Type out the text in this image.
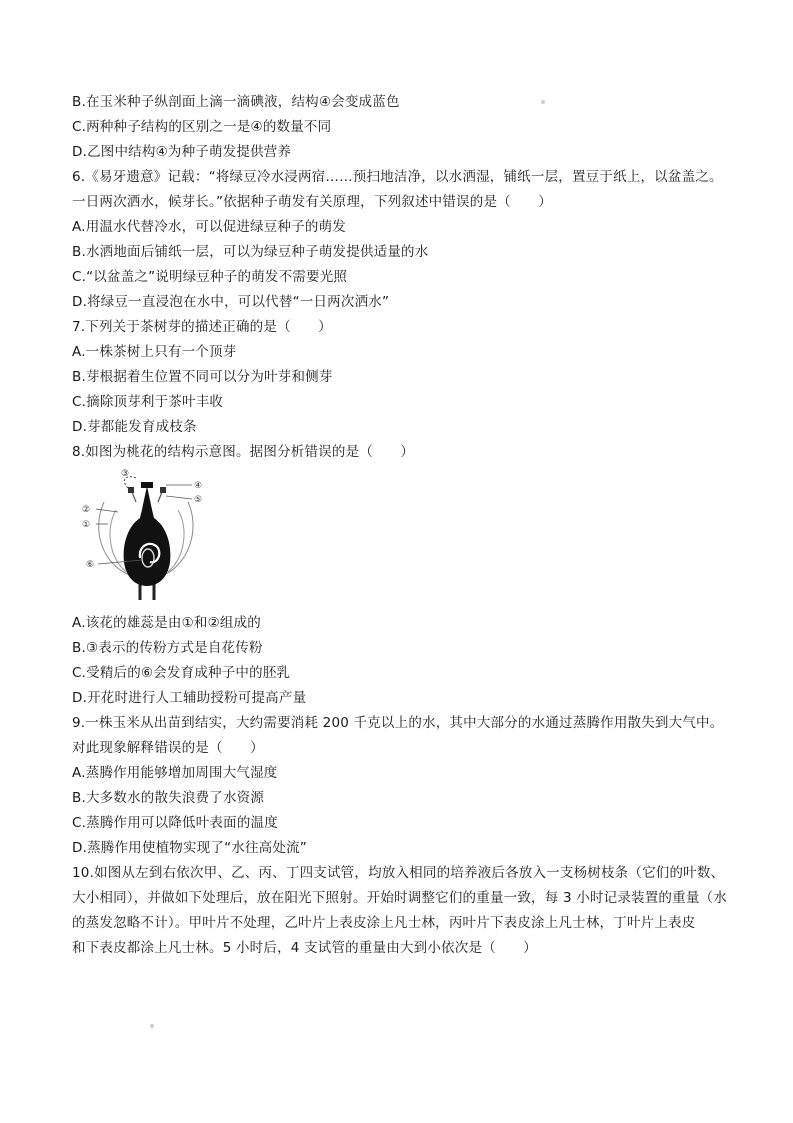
B.在玉米种子纵剖面上滴一滴碘液，结构④会变成蓝色
C.两种种子结构的区别之一是④的数量不同
D.乙图中结构④为种子萌发提供营养
6.《易牙遗意》记载：“将绿豆冷水浸两宿……预扫地洁净，以水洒湿，铺纸一层，置豆于纸上，以盆盖之。
一日两次洒水，候芽长。”依据种子萌发有关原理，下列叙述中错误的是（　　）
A.用温水代替冷水，可以促进绿豆种子的萌发
B.水洒地面后铺纸一层，可以为绿豆种子萌发提供适量的水
C.“以盆盖之”说明绿豆种子的萌发不需要光照
D.将绿豆一直浸泡在水中，可以代替“一日两次洒水”
7.下列关于茶树芽的描述正确的是（　　）
A.一株茶树上只有一个顶芽
B.芽根据着生位置不同可以分为叶芽和侧芽
C.摘除顶芽利于茶叶丰收
D.芽都能发育成枝条
8.如图为桃花的结构示意图。据图分析错误的是（　　）
③
④
⑤
②
①
⑥
A.该花的雄蕊是由①和②组成的
B.③表示的传粉方式是自花传粉
C.受精后的⑥会发育成种子中的胚乳
D.开花时进行人工辅助授粉可提高产量
9.一株玉米从出苗到结实，大约需要消耗 200 千克以上的水，其中大部分的水通过蒸腾作用散失到大气中。
对此现象解释错误的是（　　）
A.蒸腾作用能够增加周围大气湿度
B.大多数水的散失浪费了水资源
C.蒸腾作用可以降低叶表面的温度
D.蒸腾作用使植物实现了“水往高处流”
10.如图从左到右依次甲、乙、丙、丁四支试管，均放入相同的培养液后各放入一支杨树枝条（它们的叶数、
大小相同），并做如下处理后，放在阳光下照射。开始时调整它们的重量一致，每 3 小时记录装置的重量（水
的蒸发忽略不计）。甲叶片不处理，乙叶片上表皮涂上凡士林，丙叶片下表皮涂上凡士林，丁叶片上表皮
和下表皮都涂上凡士林。5 小时后，4 支试管的重量由大到小依次是（　　）
